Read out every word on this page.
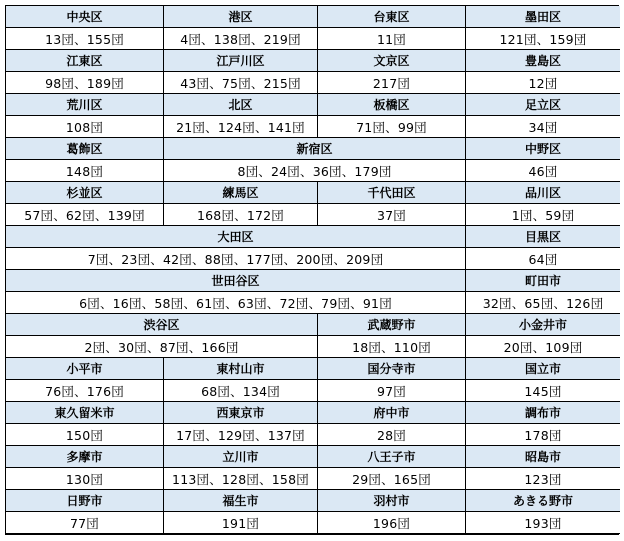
中央区	港区	台東区	墨田区
13団、155団	4団、138団、219団	11団	121団、159団
江東区	江戸川区	文京区	豊島区
98団、189団	43団、75団、215団	217団	12団
荒川区	北区	板橋区	足立区
108団	21団、124団、141団	71団、99団	34団
葛飾区	新宿区	中野区
148団	8団、24団、36団、179団	46団
杉並区	練馬区	千代田区	品川区
57団、62団、139団	168団、172団	37団	1団、59団
大田区	目黒区
7団、23団、42団、88団、177団、200団、209団	64団
世田谷区	町田市
6団、16団、58団、61団、63団、72団、79団、91団	32団、65団、126団
渋谷区	武蔵野市	小金井市
2団、30団、87団、166団	18団、110団	20団、109団
小平市	東村山市	国分寺市	国立市
76団、176団	68団、134団	97団	145団
東久留米市	西東京市	府中市	調布市
150団	17団、129団、137団	28団	178団
多摩市	立川市	八王子市	昭島市
130団	113団、128団、158団	29団、165団	123団
日野市	福生市	羽村市	あきる野市
77団	191団	196団	193団
